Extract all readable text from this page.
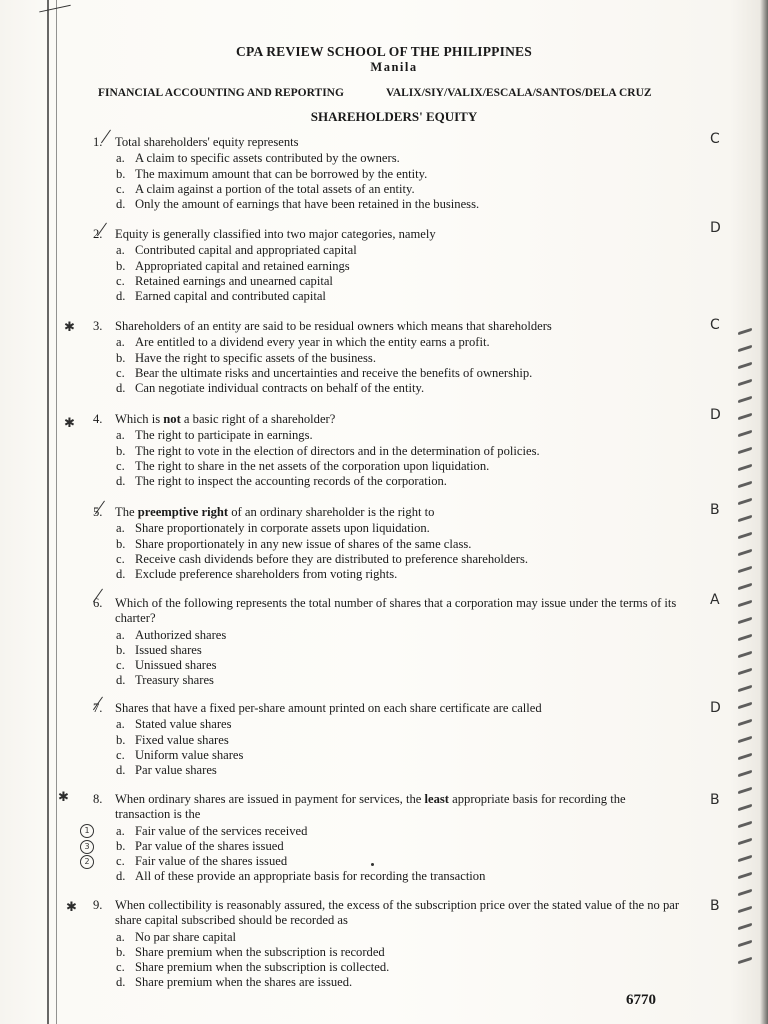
CPA REVIEW SCHOOL OF THE PHILIPPINES
Manila
FINANCIAL ACCOUNTING AND REPORTING	VALIX/SIY/VALIX/ESCALA/SANTOS/DELA CRUZ
SHAREHOLDERS' EQUITY
1. Total shareholders' equity represents
a. A claim to specific assets contributed by the owners.
b. The maximum amount that can be borrowed by the entity.
c. A claim against a portion of the total assets of an entity.
d. Only the amount of earnings that have been retained in the business.
C
2. Equity is generally classified into two major categories, namely
a. Contributed capital and appropriated capital
b. Appropriated capital and retained earnings
c. Retained earnings and unearned capital
d. Earned capital and contributed capital
D
3. Shareholders of an entity are said to be residual owners which means that shareholders
a. Are entitled to a dividend every year in which the entity earns a profit.
b. Have the right to specific assets of the business.
c. Bear the ultimate risks and uncertainties and receive the benefits of ownership.
d. Can negotiate individual contracts on behalf of the entity.
C
✱
4. Which is not a basic right of a shareholder?
a. The right to participate in earnings.
b. The right to vote in the election of directors and in the determination of policies.
c. The right to share in the net assets of the corporation upon liquidation.
d. The right to inspect the accounting records of the corporation.
D
✱
5. The preemptive right of an ordinary shareholder is the right to
a. Share proportionately in corporate assets upon liquidation.
b. Share proportionately in any new issue of shares of the same class.
c. Receive cash dividends before they are distributed to preference shareholders.
d. Exclude preference shareholders from voting rights.
B
6. Which of the following represents the total number of shares that a corporation may issue under the terms of its charter?
a. Authorized shares
b. Issued shares
c. Unissued shares
d. Treasury shares
A
7. Shares that have a fixed per-share amount printed on each share certificate are called
a. Stated value shares
b. Fixed value shares
c. Uniform value shares
d. Par value shares
D
8. When ordinary shares are issued in payment for services, the least appropriate basis for recording the transaction is the
a. Fair value of the services received
b. Par value of the shares issued
c. Fair value of the shares issued
d. All of these provide an appropriate basis for recording the transaction
B
✱
1
3
2
9. When collectibility is reasonably assured, the excess of the subscription price over the stated value of the no par share capital subscribed should be recorded as
a. No par share capital
b. Share premium when the subscription is recorded
c. Share premium when the subscription is collected.
d. Share premium when the shares are issued.
B
✱
6770
